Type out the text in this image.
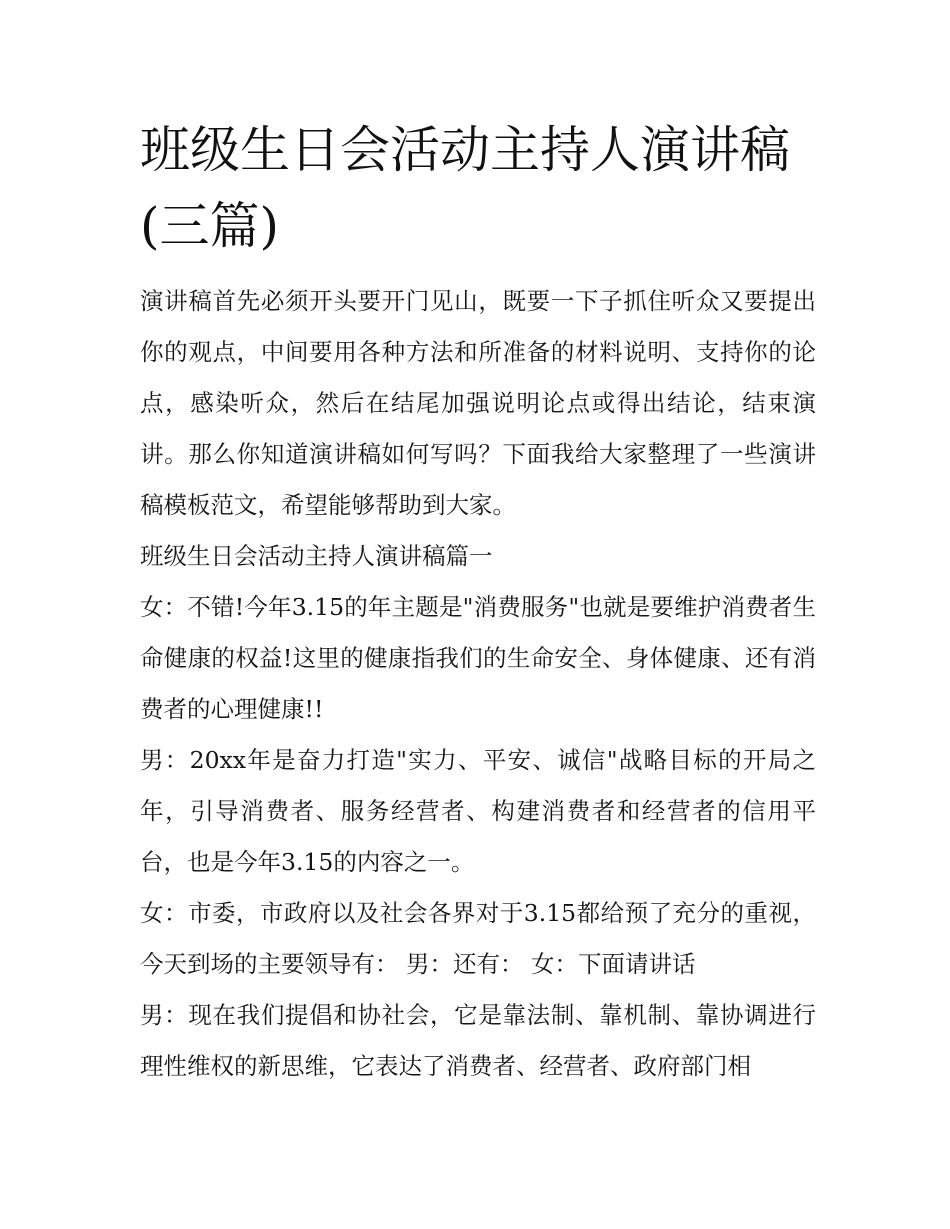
班级生日会活动主持人演讲稿(三篇)

演讲稿首先必须开头要开门见山，既要一下子抓住听众又要提出你的观点，中间要用各种方法和所准备的材料说明、支持你的论点，感染听众，然后在结尾加强说明论点或得出结论，结束演讲。那么你知道演讲稿如何写吗？下面我给大家整理了一些演讲稿模板范文，希望能够帮助到大家。

班级生日会活动主持人演讲稿篇一

女：不错!今年3.15的年主题是"消费服务"也就是要维护消费者生命健康的权益!这里的健康指我们的生命安全、身体健康、还有消费者的心理健康!!

男：20xx年是奋力打造"实力、平安、诚信"战略目标的开局之年，引导消费者、服务经营者、构建消费者和经营者的信用平台，也是今年3.15的内容之一。

女：市委，市政府以及社会各界对于3.15都给预了充分的重视，今天到场的主要领导有： 男：还有： 女：下面请讲话

男：现在我们提倡和协社会，它是靠法制、靠机制、靠协调进行理性维权的新思维，它表达了消费者、经营者、政府部门相
